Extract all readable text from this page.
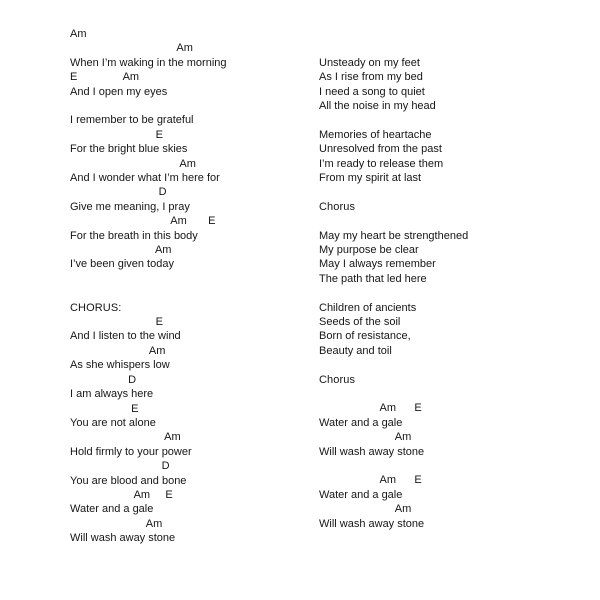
Am
Am
When I’m waking in the morning
E               Am
And I open my eyes
I remember to be grateful
E
For the bright blue skies
Am
And I wonder what I’m here for
D
Give me meaning, I pray
Am       E
For the breath in this body
Am
I’ve been given today
CHORUS:
E
And I listen to the wind
Am
As she whispers low
D
I am always here
E
You are not alone
Am
Hold firmly to your power
D
You are blood and bone
Am     E
Water and a gale
Am
Will wash away stone
Unsteady on my feet
As I rise from my bed
I need a song to quiet
All the noise in my head
Memories of heartache
Unresolved from the past
I’m ready to release them
From my spirit at last
Chorus
May my heart be strengthened
My purpose be clear
May I always remember
The path that led here
Children of ancients
Seeds of the soil
Born of resistance,
Beauty and toil
Chorus
Am      E
Water and a gale
Am
Will wash away stone
Am      E
Water and a gale
Am
Will wash away stone
